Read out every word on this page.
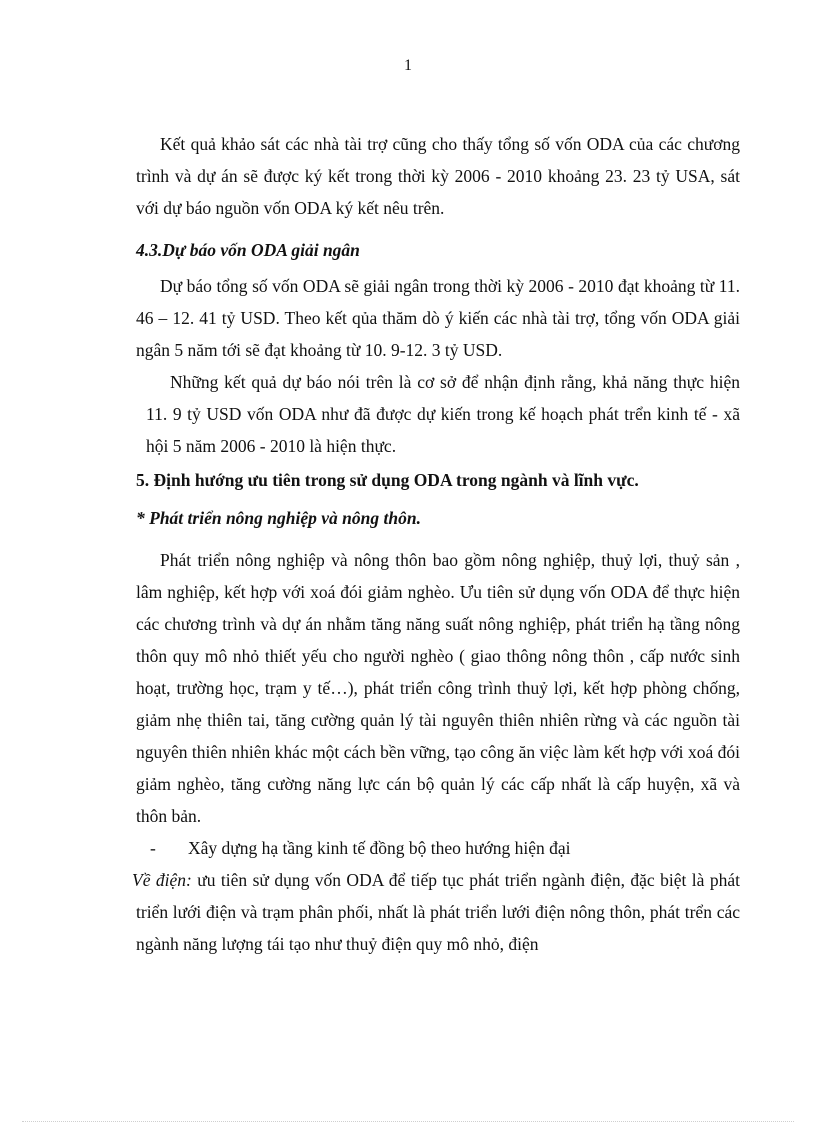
1

Kết quả khảo sát các nhà tài trợ cũng cho thấy tổng số vốn ODA của các chương trình và dự án sẽ được ký kết trong thời kỳ 2006 - 2010 khoảng 23. 23 tỷ USA, sát với dự báo nguồn vốn ODA ký kết nêu trên.

4.3.Dự báo vốn ODA giải ngân

Dự báo tổng số vốn ODA sẽ giải ngân trong thời kỳ 2006 - 2010 đạt khoảng từ 11. 46 – 12. 41 tỷ USD. Theo kết qủa thăm dò ý kiến các nhà tài trợ, tổng vốn ODA giải ngân 5 năm tới sẽ đạt khoảng từ 10. 9-12. 3 tỷ USD.

Những kết quả dự báo nói trên là cơ sở để nhận định rằng, khả năng thực hiện 11. 9 tỷ USD vốn ODA như đã được dự kiến trong kế hoạch phát trển kinh tế - xã hội 5 năm 2006 - 2010 là hiện thực.

5. Định hướng ưu tiên trong sử dụng ODA trong ngành và lĩnh vực.

* Phát triển nông nghiệp và nông thôn.

Phát triển nông nghiệp và nông thôn bao gồm nông nghiệp, thuỷ lợi, thuỷ sản , lâm nghiệp, kết hợp với xoá đói giảm nghèo. Ưu tiên sử dụng vốn ODA để thực hiện các chương trình và dự án nhằm tăng năng suất nông nghiệp, phát triển hạ tầng nông thôn quy mô nhỏ thiết yếu cho người nghèo ( giao thông nông thôn , cấp nước sinh hoạt, trường học, trạm y tế…), phát triển công trình thuỷ lợi, kết hợp phòng chống, giảm nhẹ thiên tai, tăng cường quản lý tài nguyên thiên nhiên rừng và các nguồn tài nguyên thiên nhiên khác một cách bền vững, tạo công ăn việc làm kết hợp với xoá đói giảm nghèo, tăng cường năng lực cán bộ quản lý các cấp nhất là cấp huyện, xã và thôn bản.

-	Xây dựng hạ tầng kinh tế đồng bộ theo hướng hiện đại

Về điện: ưu tiên sử dụng vốn ODA để tiếp tục phát triển ngành điện, đặc biệt là phát triển lưới điện và trạm phân phối, nhất là phát triển lưới điện nông thôn, phát trển các ngành năng lượng tái tạo như thuỷ điện quy mô nhỏ, điện
